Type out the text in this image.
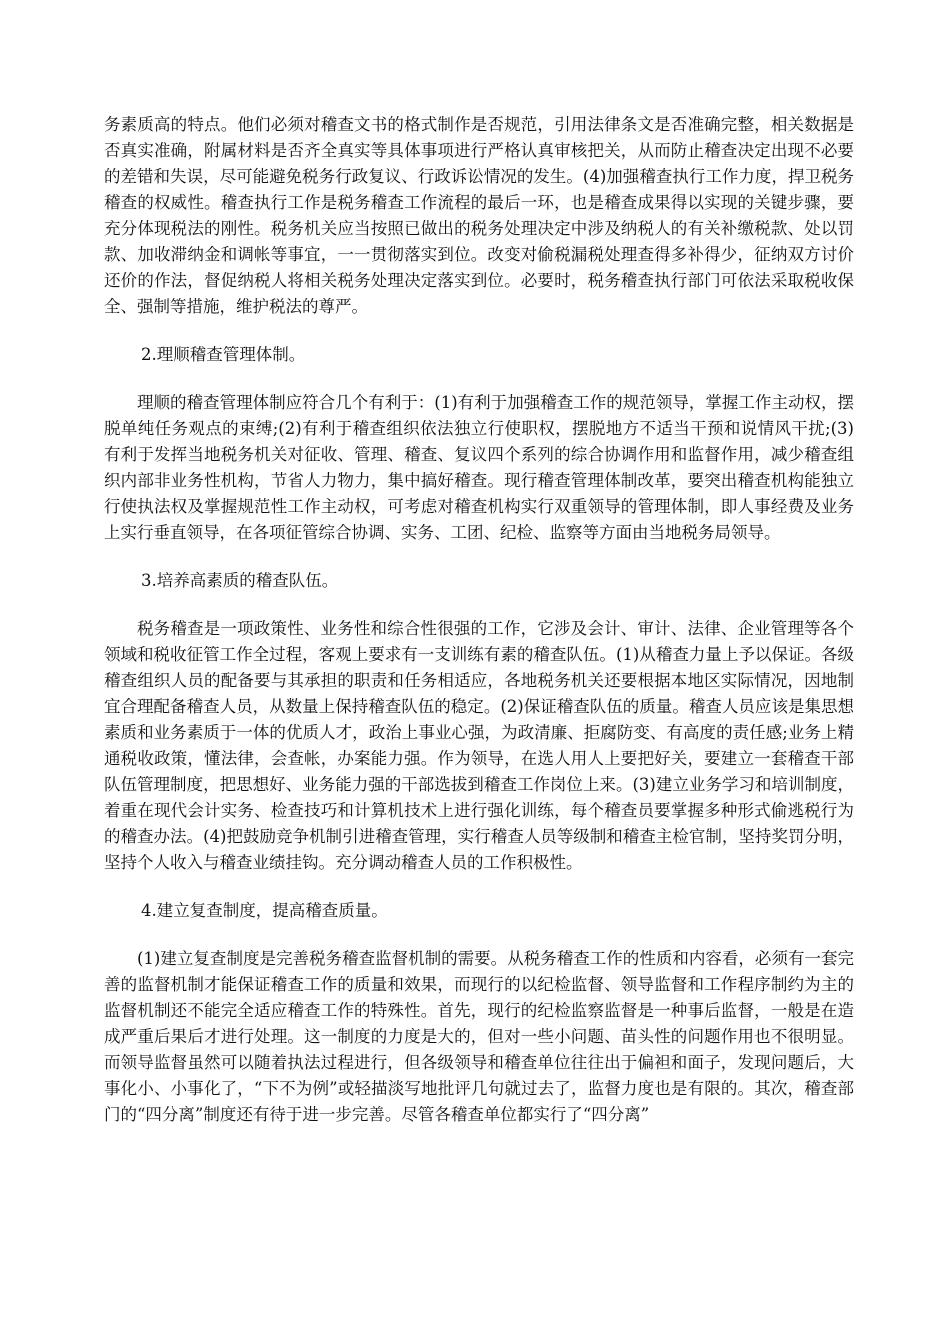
务素质高的特点。他们必须对稽查文书的格式制作是否规范，引用法律条文是否准确完整，相关数据是否真实准确，附属材料是否齐全真实等具体事项进行严格认真审核把关，从而防止稽查决定出现不必要的差错和失误，尽可能避免税务行政复议、行政诉讼情况的发生。(4)加强稽查执行工作力度，捍卫税务稽查的权威性。稽查执行工作是税务稽查工作流程的最后一环，也是稽查成果得以实现的关键步骤，要充分体现税法的刚性。税务机关应当按照已做出的税务处理决定中涉及纳税人的有关补缴税款、处以罚款、加收滞纳金和调帐等事宜，一一贯彻落实到位。改变对偷税漏税处理查得多补得少，征纳双方讨价还价的作法，督促纳税人将相关税务处理决定落实到位。必要时，税务稽查执行部门可依法采取税收保全、强制等措施，维护税法的尊严。

2.理顺稽查管理体制。

理顺的稽查管理体制应符合几个有利于：(1)有利于加强稽查工作的规范领导，掌握工作主动权，摆脱单纯任务观点的束缚;(2)有利于稽查组织依法独立行使职权，摆脱地方不适当干预和说情风干扰;(3)有利于发挥当地税务机关对征收、管理、稽查、复议四个系列的综合协调作用和监督作用，减少稽查组织内部非业务性机构，节省人力物力，集中搞好稽查。现行稽查管理体制改革，要突出稽查机构能独立行使执法权及掌握规范性工作主动权，可考虑对稽查机构实行双重领导的管理体制，即人事经费及业务上实行垂直领导，在各项征管综合协调、实务、工团、纪检、监察等方面由当地税务局领导。

3.培养高素质的稽查队伍。

税务稽查是一项政策性、业务性和综合性很强的工作，它涉及会计、审计、法律、企业管理等各个领域和税收征管工作全过程，客观上要求有一支训练有素的稽查队伍。(1)从稽查力量上予以保证。各级稽查组织人员的配备要与其承担的职责和任务相适应，各地税务机关还要根据本地区实际情况，因地制宜合理配备稽查人员，从数量上保持稽查队伍的稳定。(2)保证稽查队伍的质量。稽查人员应该是集思想素质和业务素质于一体的优质人才，政治上事业心强，为政清廉、拒腐防变、有高度的责任感;业务上精通税收政策，懂法律，会查帐，办案能力强。作为领导，在选人用人上要把好关，要建立一套稽查干部队伍管理制度，把思想好、业务能力强的干部选拔到稽查工作岗位上来。(3)建立业务学习和培训制度，着重在现代会计实务、检查技巧和计算机技术上进行强化训练，每个稽查员要掌握多种形式偷逃税行为的稽查办法。(4)把鼓励竞争机制引进稽查管理，实行稽查人员等级制和稽查主检官制，坚持奖罚分明，坚持个人收入与稽查业绩挂钩。充分调动稽查人员的工作积极性。

4.建立复查制度，提高稽查质量。

(1)建立复查制度是完善税务稽查监督机制的需要。从税务稽查工作的性质和内容看，必须有一套完善的监督机制才能保证稽查工作的质量和效果，而现行的以纪检监督、领导监督和工作程序制约为主的监督机制还不能完全适应稽查工作的特殊性。首先，现行的纪检监察监督是一种事后监督，一般是在造成严重后果后才进行处理。这一制度的力度是大的，但对一些小问题、苗头性的问题作用也不很明显。而领导监督虽然可以随着执法过程进行，但各级领导和稽查单位往往出于偏袒和面子，发现问题后，大事化小、小事化了，“下不为例”或轻描淡写地批评几句就过去了，监督力度也是有限的。其次，稽查部门的“四分离”制度还有待于进一步完善。尽管各稽查单位都实行了“四分离”
